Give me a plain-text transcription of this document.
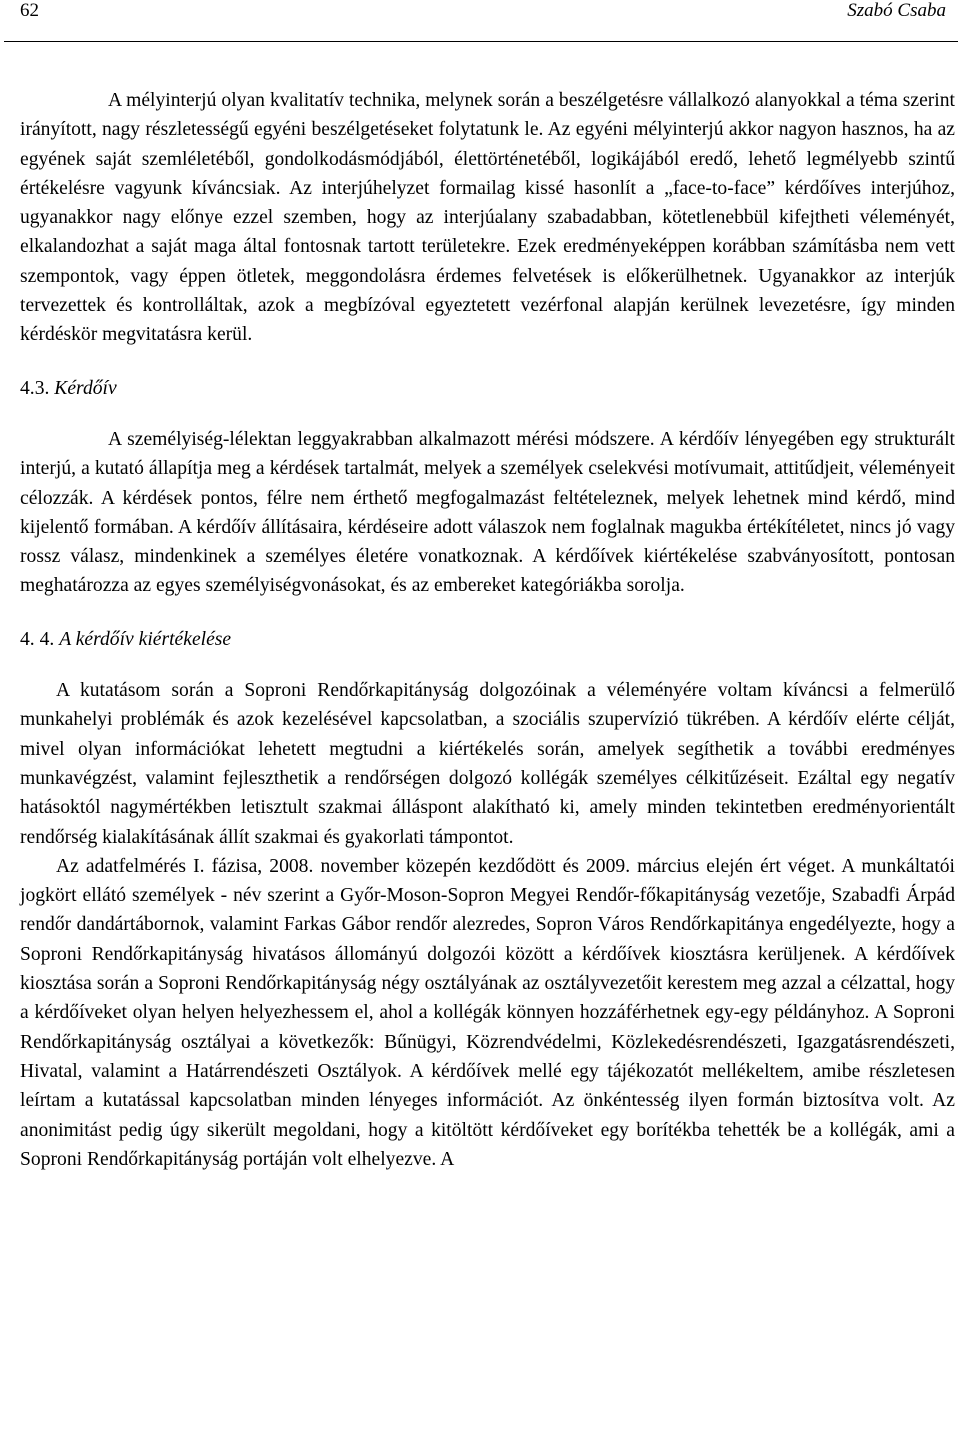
62	Szabó Csaba

A mélyinterjú olyan kvalitatív technika, melynek során a beszélgetésre vállalkozó alanyokkal a téma szerint irányított, nagy részletességű egyéni beszélgetéseket folytatunk le. Az egyéni mélyinterjú akkor nagyon hasznos, ha az egyének saját szemléletéből, gondolkodásmódjából, élettörténetéből, logikájából eredő, lehető legmélyebb szintű értékelésre vagyunk kíváncsiak. Az interjúhelyzet formailag kissé hasonlít a „face-to-face” kérdőíves interjúhoz, ugyanakkor nagy előnye ezzel szemben, hogy az interjúalany szabadabban, kötetlenebbül kifejtheti véleményét, elkalandozhat a saját maga által fontosnak tartott területekre. Ezek eredményeképpen korábban számításba nem vett szempontok, vagy éppen ötletek, meggondolásra érdemes felvetések is előkerülhetnek. Ugyanakkor az interjúk tervezettek és kontrolláltak, azok a megbízóval egyeztetett vezérfonal alapján kerülnek levezetésre, így minden kérdéskör megvitatásra kerül.

4.3. Kérdőív

A személyiség-lélektan leggyakrabban alkalmazott mérési módszere. A kérdőív lényegében egy strukturált interjú, a kutató állapítja meg a kérdések tartalmát, melyek a személyek cselekvési motívumait, attitűdjeit, véleményeit célozzák. A kérdések pontos, félre nem érthető megfogalmazást feltételeznek, melyek lehetnek mind kérdő, mind kijelentő formában. A kérdőív állításaira, kérdéseire adott válaszok nem foglalnak magukba értékítéletet, nincs jó vagy rossz válasz, mindenkinek a személyes életére vonatkoznak. A kérdőívek kiértékelése szabványosított, pontosan meghatározza az egyes személyiségvonásokat, és az embereket kategóriákba sorolja.

4. 4. A kérdőív kiértékelése

A kutatásom során a Soproni Rendőrkapitányság dolgozóinak a véleményére voltam kíváncsi a felmerülő munkahelyi problémák és azok kezelésével kapcsolatban, a szociális szupervízió tükrében. A kérdőív elérte célját, mivel olyan információkat lehetett megtudni a kiértékelés során, amelyek segíthetik a további eredményes munkavégzést, valamint fejleszthetik a rendőrségen dolgozó kollégák személyes célkitűzéseit. Ezáltal egy negatív hatásoktól nagymértékben letisztult szakmai álláspont alakítható ki, amely minden tekintetben eredményorientált rendőrség kialakításának állít szakmai és gyakorlati támpontot.

Az adatfelmérés I. fázisa, 2008. november közepén kezdődött és 2009. március elején ért véget. A munkáltatói jogkört ellátó személyek - név szerint a Győr-Moson-Sopron Megyei Rendőr-főkapitányság vezetője, Szabadfi Árpád rendőr dandártábornok, valamint Farkas Gábor rendőr alezredes, Sopron Város Rendőrkapitánya engedélyezte, hogy a Soproni Rendőrkapitányság hivatásos állományú dolgozói között a kérdőívek kiosztásra kerüljenek. A kérdőívek kiosztása során a Soproni Rendőrkapitányság négy osztályának az osztályvezetőit kerestem meg azzal a célzattal, hogy a kérdőíveket olyan helyen helyezhessem el, ahol a kollégák könnyen hozzáférhetnek egy-egy példányhoz. A Soproni Rendőrkapitányság osztályai a következők: Bűnügyi, Közrendvédelmi, Közlekedésrendészeti, Igazgatásrendészeti, Hivatal, valamint a Határrendészeti Osztályok. A kérdőívek mellé egy tájékozatót mellékeltem, amibe részletesen leírtam a kutatással kapcsolatban minden lényeges információt. Az önkéntesség ilyen formán biztosítva volt. Az anonimitást pedig úgy sikerült megoldani, hogy a kitöltött kérdőíveket egy borítékba tehették be a kollégák, ami a Soproni Rendőrkapitányság portáján volt elhelyezve. A
